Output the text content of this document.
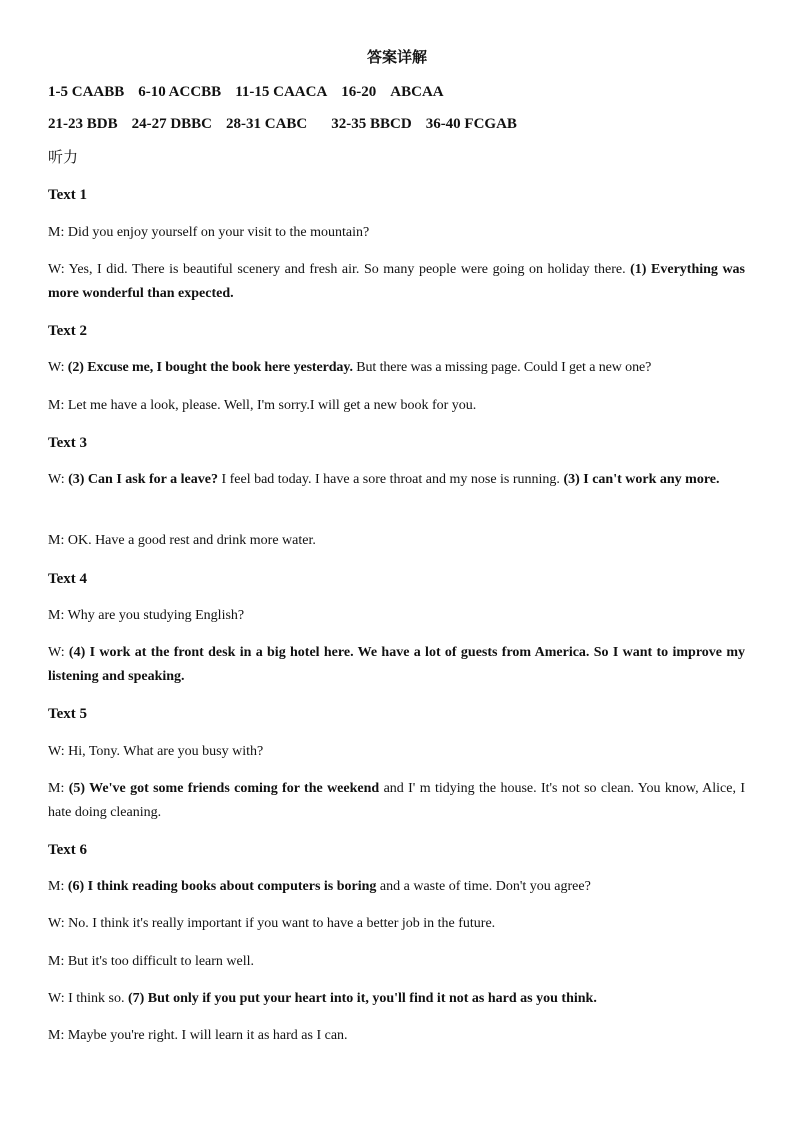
答案详解
1-5 CAABB 6-10 ACCBB 11-15 CAACA 16-20 ABCAA
21-23 BDB 24-27 DBBC 28-31 CABC 32-35 BBCD 36-40 FCGAB
听力
Text 1
M: Did you enjoy yourself on your visit to the mountain?
W: Yes, I did. There is beautiful scenery and fresh air. So many people were going on holiday there. (1) Everything was more wonderful than expected.
Text 2
W: (2) Excuse me, I bought the book here yesterday. But there was a missing page. Could I get a new one?
M: Let me have a look, please. Well, I'm sorry.I will get a new book for you.
Text 3
W: (3) Can I ask for a leave? I feel bad today. I have a sore throat and my nose is running. (3) I can't work any more.
M: OK. Have a good rest and drink more water.
Text 4
M: Why are you studying English?
W: (4) I work at the front desk in a big hotel here. We have a lot of guests from America. So I want to improve my listening and speaking.
Text 5
W: Hi, Tony. What are you busy with?
M: (5) We've got some friends coming for the weekend and I' m tidying the house. It's not so clean. You know, Alice, I hate doing cleaning.
Text 6
M: (6) I think reading books about computers is boring and a waste of time. Don't you agree?
W: No. I think it's really important if you want to have a better job in the future.
M: But it's too difficult to learn well.
W: I think so. (7) But only if you put your heart into it, you'll find it not as hard as you think.
M: Maybe you're right. I will learn it as hard as I can.
